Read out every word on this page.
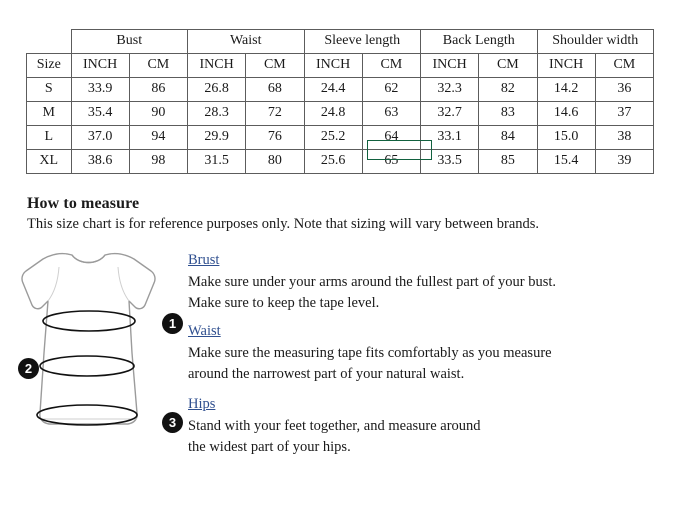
	Bust		Waist		Sleeve length		Back Length		Shoulder width	
Size	INCH	CM	INCH	CM	INCH	CM	INCH	CM	INCH	CM
S	33.9	86	26.8	68	24.4	62	32.3	82	14.2	36
M	35.4	90	28.3	72	24.8	63	32.7	83	14.6	37
L	37.0	94	29.9	76	25.2	64	33.1	84	15.0	38
XL	38.6	98	31.5	80	25.6	65	33.5	85	15.4	39
How to measure
This size chart is for reference purposes only. Note that sizing will vary between brands.
1
2
3
Brust
Make sure under your arms around the fullest part of your bust.
Make sure to keep the tape level.
Waist
Make sure the measuring tape fits comfortably as you measure
around the narrowest part of your natural waist.
Hips
Stand with your feet together, and measure around
the widest part of your hips.
